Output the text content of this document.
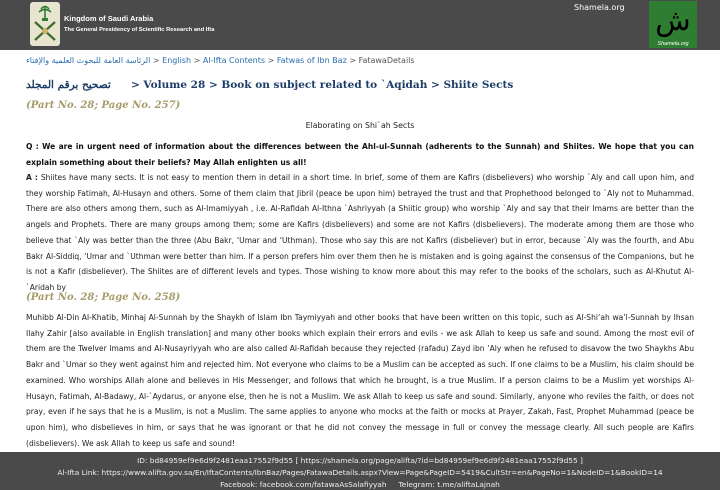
Kingdom of Saudi Arabia
The General Presidency of Scientific Research and Ifta
Shamela.org ش
Shamela.org
الرئاسة العامة للبحوث العلمية والإفتاء > English > Al-Ifta Contents > Fatwas of Ibn Baz > FatawaDetails
تصحيح برقم المجلد > Volume 28 > Book on subject related to `Aqidah > Shiite Sects
(Part No. 28; Page No. 257)
Elaborating on Shi`ah Sects
Q : We are in urgent need of information about the differences between the Ahl-ul-Sunnah (adherents to the Sunnah) and Shiites. We hope that you can explain something about their beliefs? May Allah enlighten us all!
A : Shiites have many sects. It is not easy to mention them in detail in a short time. In brief, some of them are Kafirs (disbelievers) who worship `Aly and call upon him, and they worship Fatimah, Al-Husayn and others. Some of them claim that Jibril (peace be upon him) betrayed the trust and that Prophethood belonged to `Aly not to Muhammad. There are also others among them, such as Al-Imamiyyah , i.e. Al-Rafidah Al-Ithna `Ashriyyah (a Shiitic group) who worship `Aly and say that their Imams are better than the angels and Prophets. There are many groups among them; some are Kafirs (disbelievers) and some are not Kafirs (disbelievers). The moderate among them are those who believe that `Aly was better than the three (Abu Bakr, ‘Umar and ‘Uthman). Those who say this are not Kafirs (disbeliever) but in error, because `Aly was the fourth, and Abu Bakr Al-Siddiq, ‘Umar and `Uthman were better than him. If a person prefers him over them then he is mistaken and is going against the consensus of the Companions, but he is not a Kafir (disbeliever). The Shiites are of different levels and types. Those wishing to know more about this may refer to the books of the scholars, such as Al-Khutut Al-`Aridah by
(Part No. 28; Page No. 258)
Muhibb Al-Din Al-Khatib, Minhaj Al-Sunnah by the Shaykh of Islam Ibn Taymiyyah and other books that have been written on this topic, such as Al-Shi‘ah wa’l-Sunnah by Ihsan Ilahy Zahir [also available in English translation] and many other books which explain their errors and evils - we ask Allah to keep us safe and sound. Among the most evil of them are the Twelver Imams and Al-Nusayriyyah who are also called Al-Rafidah because they rejected (rafadu) Zayd ibn ‘Aly when he refused to disavow the two Shaykhs Abu Bakr and `Umar so they went against him and rejected him. Not everyone who claims to be a Muslim can be accepted as such. If one claims to be a Muslim, his claim should be examined. Who worships Allah alone and believes in His Messenger, and follows that which he brought, is a true Muslim. If a person claims to be a Muslim yet worships Al-Husayn, Fatimah, Al-Badawy, Al-`Aydarus, or anyone else, then he is not a Muslim. We ask Allah to keep us safe and sound. Similarly, anyone who reviles the faith, or does not pray, even if he says that he is a Muslim, is not a Muslim. The same applies to anyone who mocks at the faith or mocks at Prayer, Zakah, Fast, Prophet Muhammad (peace be upon him), who disbelieves in him, or says that he was ignorant or that he did not convey the message in full or convey the message clearly. All such people are Kafirs (disbelievers). We ask Allah to keep us safe and sound!
ID: bd84959ef9e6d9f2481eaa17552f9d55 [ https://shamela.org/page/alifta/?id=bd84959ef9e6d9f2481eaa17552f9d55 ]
Al-Ifta Link: https://www.alifta.gov.sa/En/IftaContents/IbnBaz/Pages/FatawaDetails.aspx?View=Page&PageID=5419&CultStr=en&PageNo=1&NodeID=1&BookID=14
Facebook: facebook.com/fatawaAsSalafiyyah Telegram: t.me/aliftaLajnah
